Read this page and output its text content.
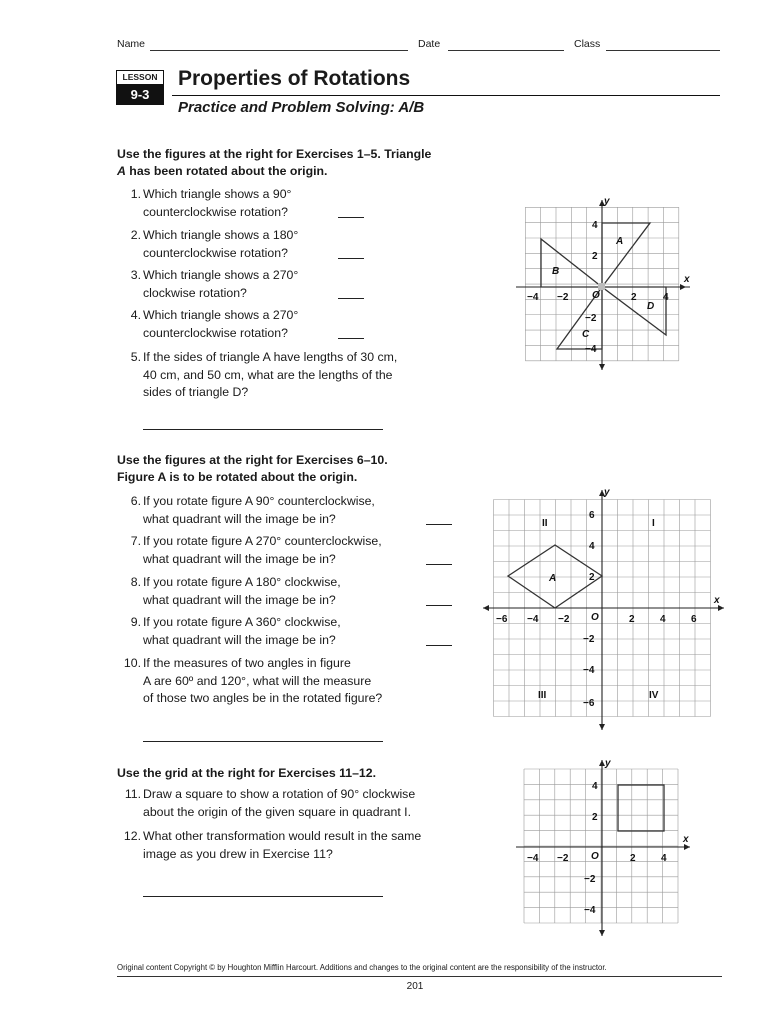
Name	Date	Class
LESSON
9-3
Properties of Rotations
Practice and Problem Solving: A/B
Use the figures at the right for Exercises 1–5. Triangle
A has been rotated about the origin.
1. Which triangle shows a 90°
counterclockwise rotation?
2. Which triangle shows a 180°
counterclockwise rotation?
3. Which triangle shows a 270°
clockwise rotation?
4. Which triangle shows a 270°
counterclockwise rotation?
5. If the sides of triangle A have lengths of 30 cm,
40 cm, and 50 cm, what are the lengths of the
sides of triangle D?
y
x
O
−4 −2	2	4
4
2
−2
−4
A
B
C
D
Use the figures at the right for Exercises 6–10.
Figure A is to be rotated about the origin.
6. If you rotate figure A 90° counterclockwise,
what quadrant will the image be in?
7. If you rotate figure A 270° counterclockwise,
what quadrant will the image be in?
8. If you rotate figure A 180° clockwise,
what quadrant will the image be in?
9. If you rotate figure A 360° clockwise,
what quadrant will the image be in?
10. If the measures of two angles in figure
A are 60º and 120°, what will the measure
of those two angles be in the rotated figure?
y
x
O
−6 −4 −2	2	4	6
6
4
2
−2
−4
−6
II	I
III	IV
A
Use the grid at the right for Exercises 11–12.
11. Draw a square to show a rotation of 90° clockwise
about the origin of the given square in quadrant I.
12. What other transformation would result in the same
image as you drew in Exercise 11?
y
x
O
−4 −2	2	4
4
2
−2
−4
Original content Copyright © by Houghton Mifflin Harcourt. Additions and changes to the original content are the responsibility of the instructor.
201
